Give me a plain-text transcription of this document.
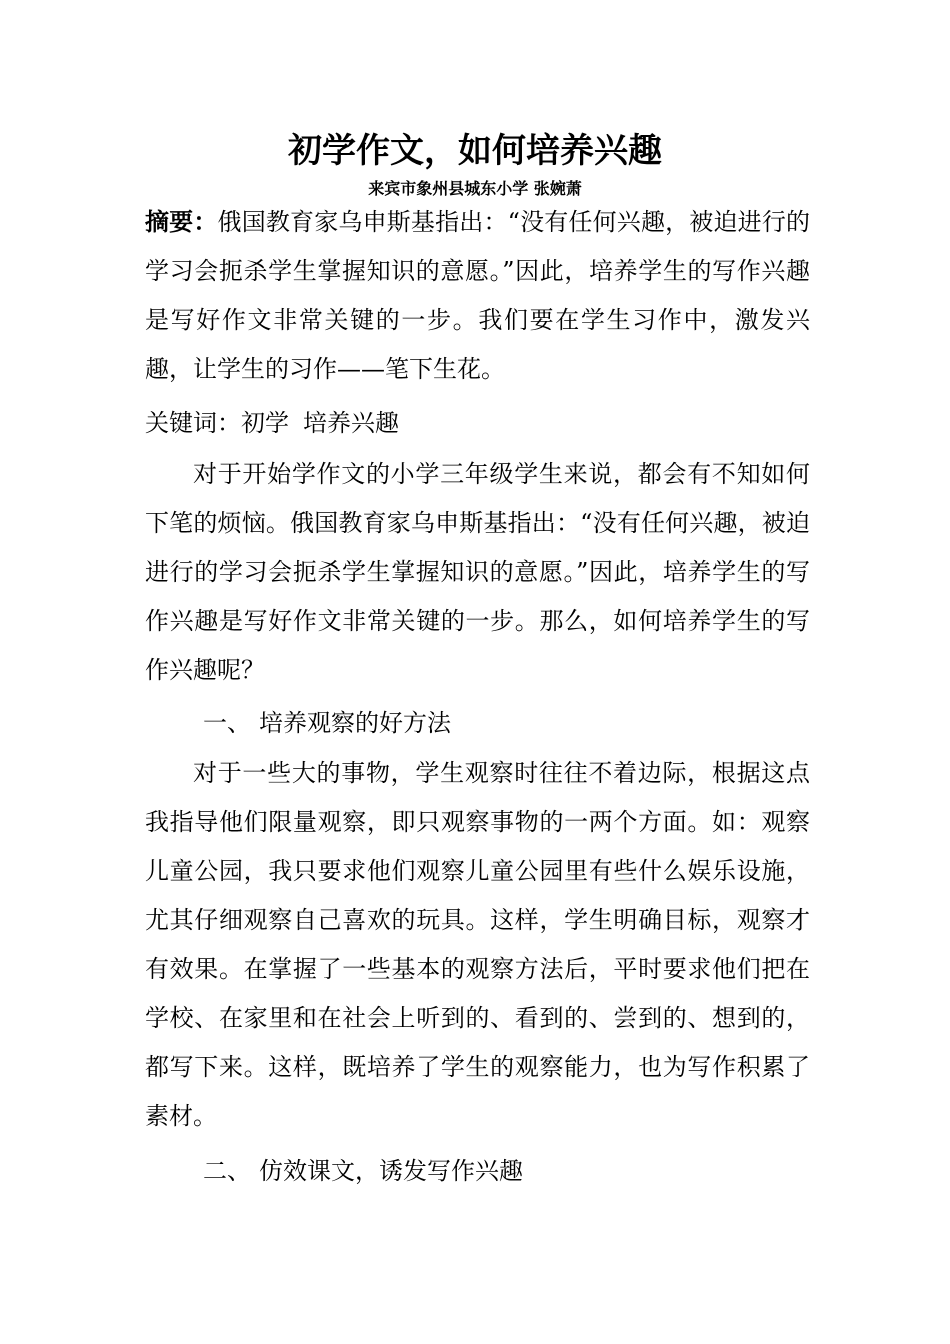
初学作文，如何培养兴趣
来宾市象州县城东小学 张婉萧
摘要：俄国教育家乌申斯基指出：“没有任何兴趣，被迫进行的学习会扼杀学生掌握知识的意愿。”因此，培养学生的写作兴趣是写好作文非常关键的一步。我们要在学生习作中，激发兴趣，让学生的习作——笔下生花。
关键词：初学 培养兴趣
对于开始学作文的小学三年级学生来说，都会有不知如何下笔的烦恼。俄国教育家乌申斯基指出：“没有任何兴趣，被迫进行的学习会扼杀学生掌握知识的意愿。”因此，培养学生的写作兴趣是写好作文非常关键的一步。那么，如何培养学生的写作兴趣呢？
一、 培养观察的好方法
对于一些大的事物，学生观察时往往不着边际，根据这点我指导他们限量观察，即只观察事物的一两个方面。如：观察儿童公园，我只要求他们观察儿童公园里有些什么娱乐设施，尤其仔细观察自己喜欢的玩具。这样，学生明确目标，观察才有效果。在掌握了一些基本的观察方法后，平时要求他们把在学校、在家里和在社会上听到的、看到的、尝到的、想到的，都写下来。这样，既培养了学生的观察能力，也为写作积累了素材。
二、 仿效课文，诱发写作兴趣
